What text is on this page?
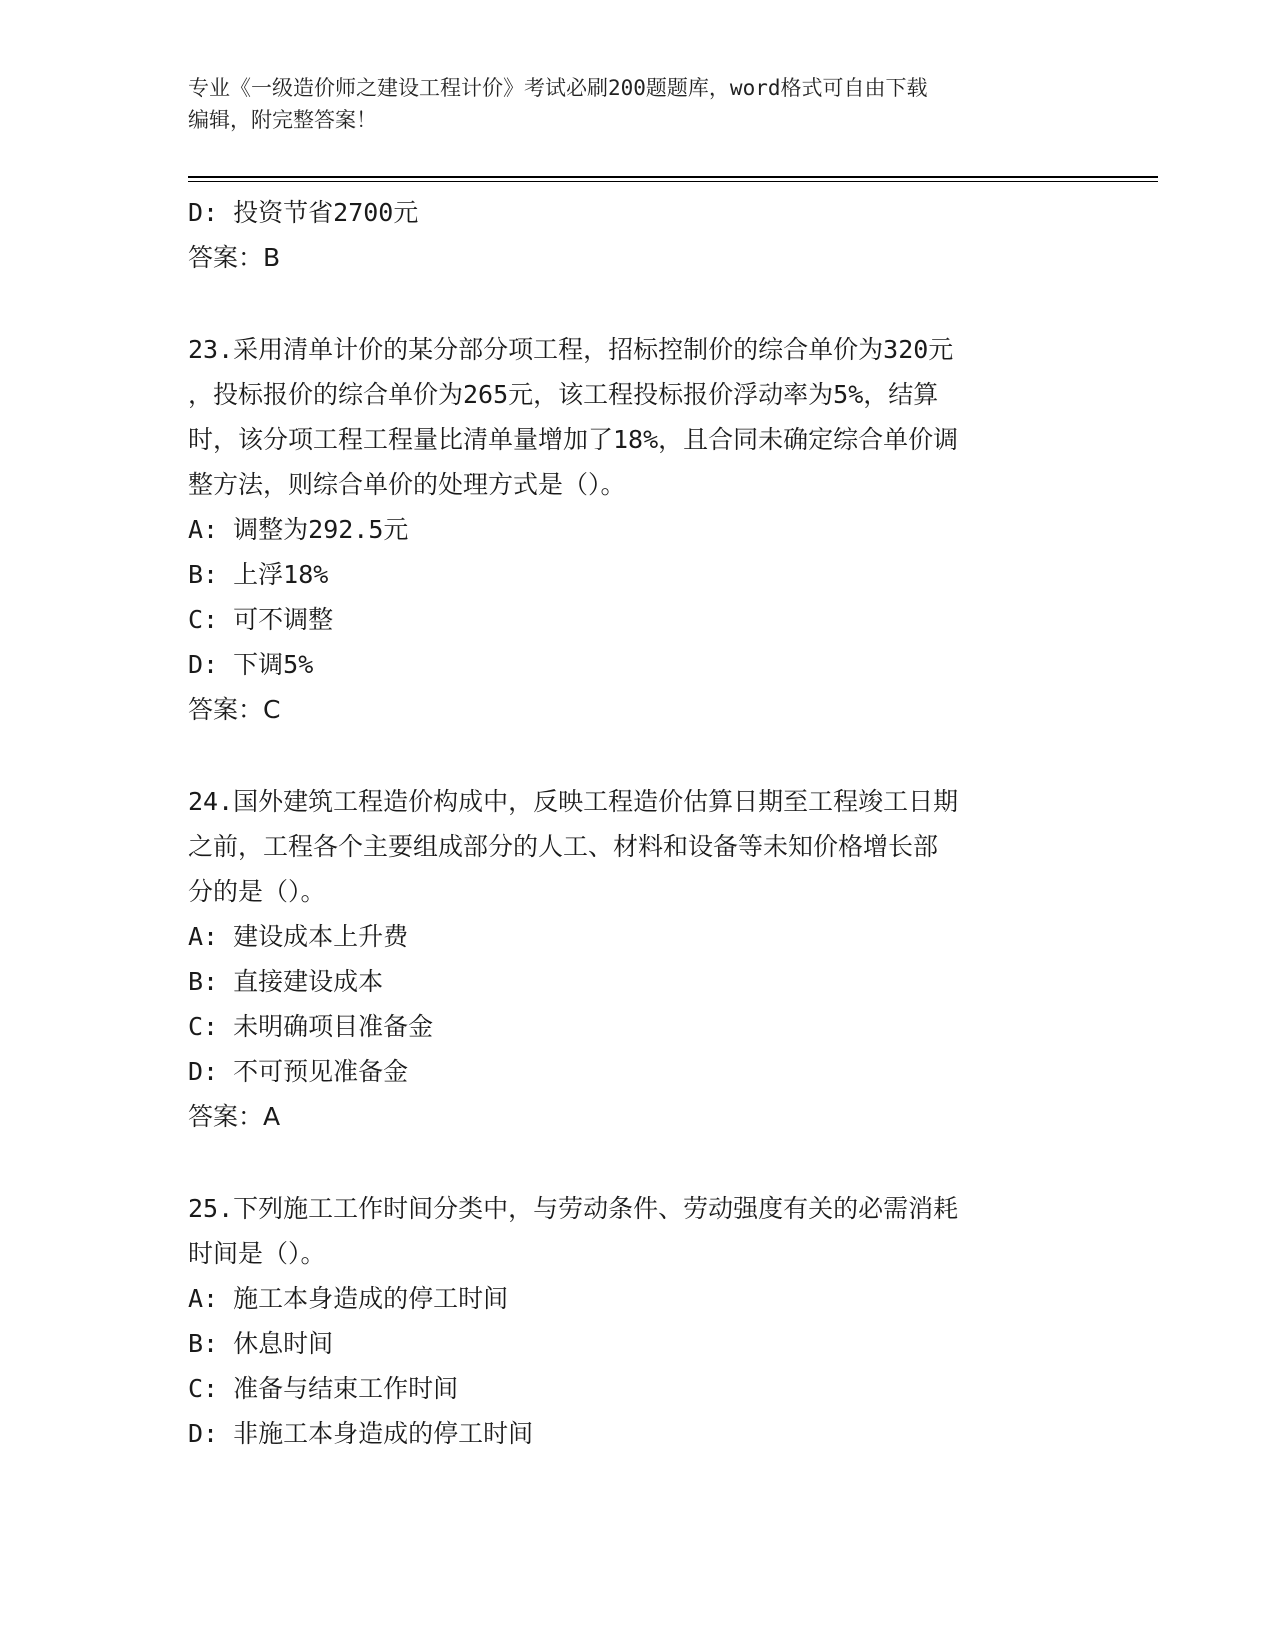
专业《一级造价师之建设工程计价》考试必刷200题题库，word格式可自由下载
编辑，附完整答案！
D: 投资节省2700元
答案：B
23.采用清单计价的某分部分项工程，招标控制价的综合单价为320元
，投标报价的综合单价为265元，该工程投标报价浮动率为5%，结算
时，该分项工程工程量比清单量增加了18%，且合同未确定综合单价调
整方法，则综合单价的处理方式是（）。
A: 调整为292.5元
B: 上浮18%
C: 可不调整
D: 下调5%
答案：C
24.国外建筑工程造价构成中，反映工程造价估算日期至工程竣工日期
之前，工程各个主要组成部分的人工、材料和设备等未知价格增长部
分的是（）。
A: 建设成本上升费
B: 直接建设成本
C: 未明确项目准备金
D: 不可预见准备金
答案：A
25.下列施工工作时间分类中，与劳动条件、劳动强度有关的必需消耗
时间是（）。
A: 施工本身造成的停工时间
B: 休息时间
C: 准备与结束工作时间
D: 非施工本身造成的停工时间
